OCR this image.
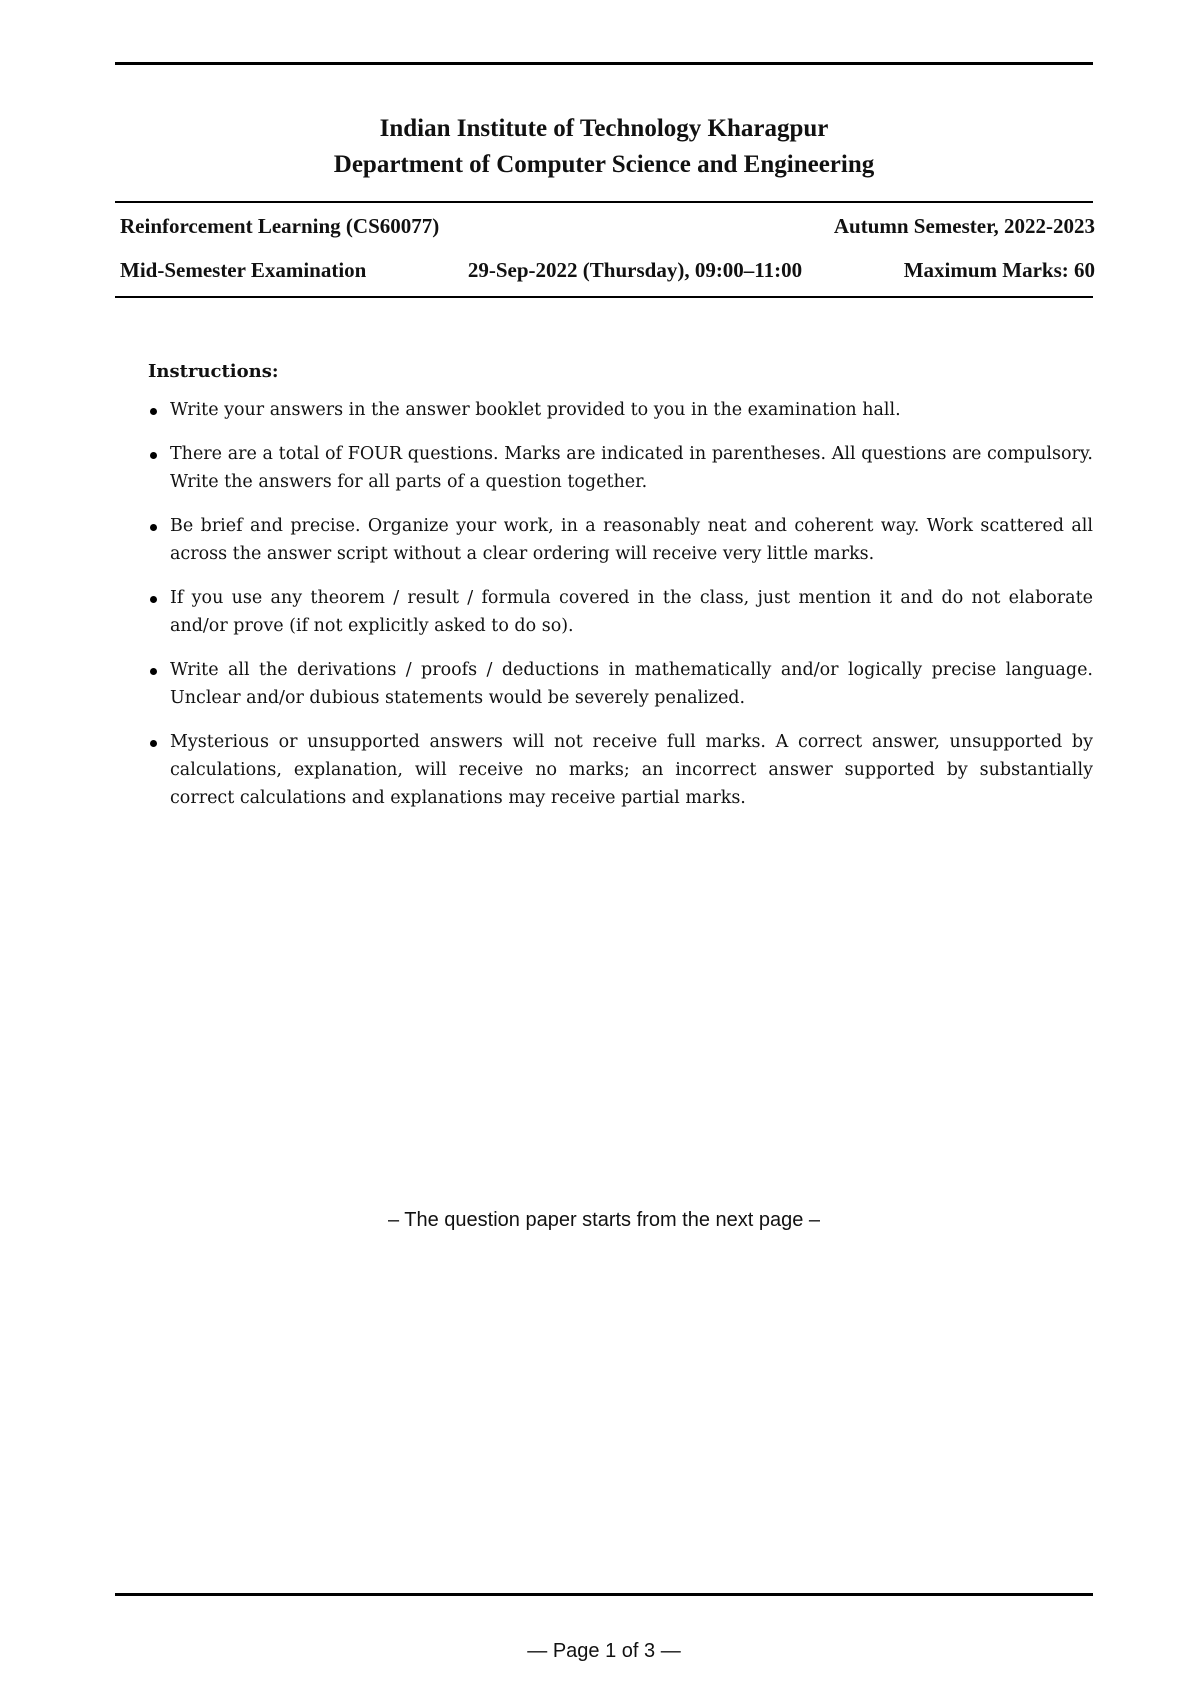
Indian Institute of Technology Kharagpur
Department of Computer Science and Engineering
Reinforcement Learning (CS60077)	Autumn Semester, 2022-2023
Mid-Semester Examination	29-Sep-2022 (Thursday), 09:00–11:00	Maximum Marks: 60
Instructions:
Write your answers in the answer booklet provided to you in the examination hall.
There are a total of FOUR questions. Marks are indicated in parentheses. All questions are compulsory. Write the answers for all parts of a question together.
Be brief and precise. Organize your work, in a reasonably neat and coherent way. Work scattered all across the answer script without a clear ordering will receive very little marks.
If you use any theorem / result / formula covered in the class, just mention it and do not elaborate and/or prove (if not explicitly asked to do so).
Write all the derivations / proofs / deductions in mathematically and/or logically precise language. Unclear and/or dubious statements would be severely penalized.
Mysterious or unsupported answers will not receive full marks. A correct answer, unsupported by calculations, explanation, will receive no marks; an incorrect answer supported by substantially correct calculations and explanations may receive partial marks.
– The question paper starts from the next page –
— Page 1 of 3 —
